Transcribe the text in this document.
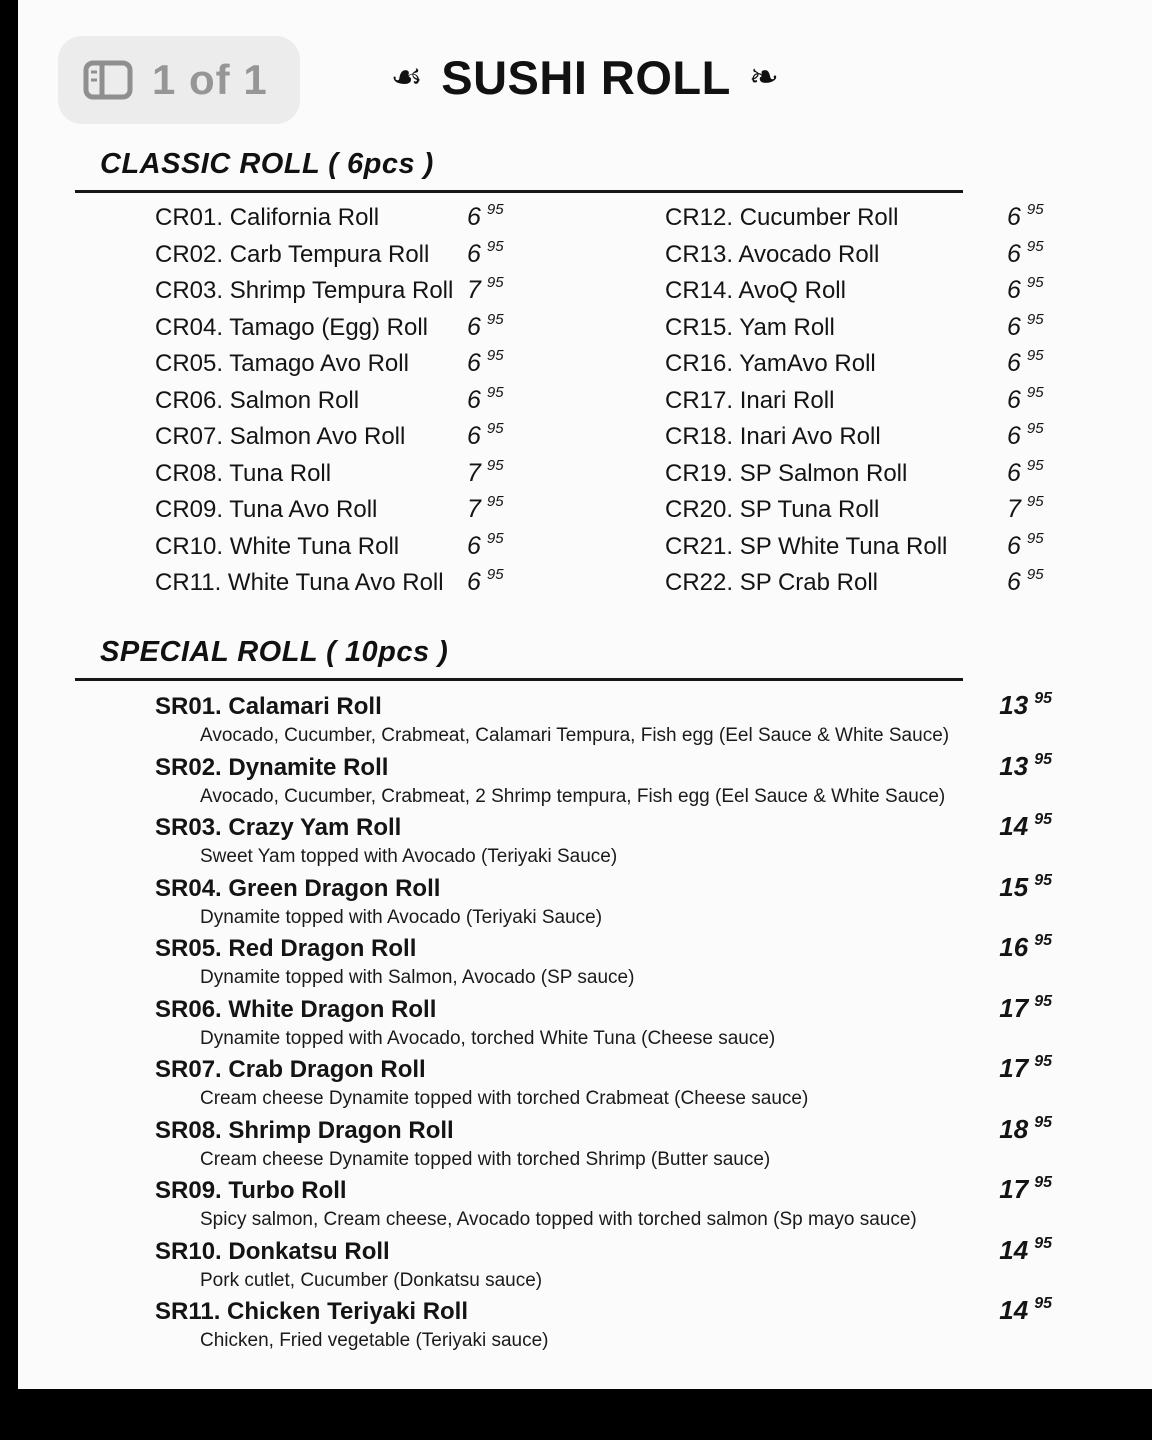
1 of 1	☙ SUSHI ROLL ❧
CLASSIC ROLL ( 6pcs )
CR01. California Roll	6 $^{95}$
CR02. Carb Tempura Roll	6 $^{95}$
CR03. Shrimp Tempura Roll 7 $^{95}$
CR04. Tamago (Egg) Roll	6 $^{95}$
CR05. Tamago Avo Roll	6 $^{95}$
CR06. Salmon Roll	6 $^{95}$
CR07. Salmon Avo Roll	6 $^{95}$
CR08. Tuna Roll	7 $^{95}$
CR09. Tuna Avo Roll	7 $^{95}$
CR10. White Tuna Roll	6 $^{95}$
CR11. White Tuna Avo Roll 6 $^{95}$
CR12. Cucumber Roll	6 $^{95}$
CR13. Avocado Roll	6 $^{95}$
CR14. AvoQ Roll	6 $^{95}$
CR15. Yam Roll	6 $^{95}$
CR16. YamAvo Roll	6 $^{95}$
CR17. Inari Roll	6 $^{95}$
CR18. Inari Avo Roll	6 $^{95}$
CR19. SP Salmon Roll	6 $^{95}$
CR20. SP Tuna Roll	7 $^{95}$
CR21. SP White Tuna Roll	6 $^{95}$
CR22. SP Crab Roll	6 $^{95}$
SPECIAL ROLL ( 10pcs )
SR01. Calamari Roll	13 $^{95}$
Avocado, Cucumber, Crabmeat, Calamari Tempura, Fish egg (Eel Sauce & White Sauce)
SR02. Dynamite Roll	13 $^{95}$
Avocado, Cucumber, Crabmeat, 2 Shrimp tempura, Fish egg (Eel Sauce & White Sauce)
SR03. Crazy Yam Roll	14 $^{95}$
Sweet Yam topped with Avocado (Teriyaki Sauce)
SR04. Green Dragon Roll	15 $^{95}$
Dynamite topped with Avocado (Teriyaki Sauce)
SR05. Red Dragon Roll	16 $^{95}$
Dynamite topped with Salmon, Avocado (SP sauce)
SR06. White Dragon Roll	17 $^{95}$
Dynamite topped with Avocado, torched White Tuna (Cheese sauce)
SR07. Crab Dragon Roll	17 $^{95}$
Cream cheese Dynamite topped with torched Crabmeat (Cheese sauce)
SR08. Shrimp Dragon Roll	18 $^{95}$
Cream cheese Dynamite topped with torched Shrimp (Butter sauce)
SR09. Turbo Roll	17 $^{95}$
Spicy salmon, Cream cheese, Avocado topped with torched salmon (Sp mayo sauce)
SR10. Donkatsu Roll	14 $^{95}$
Pork cutlet, Cucumber (Donkatsu sauce)
SR11. Chicken Teriyaki Roll	14 $^{95}$
Chicken, Fried vegetable (Teriyaki sauce)
